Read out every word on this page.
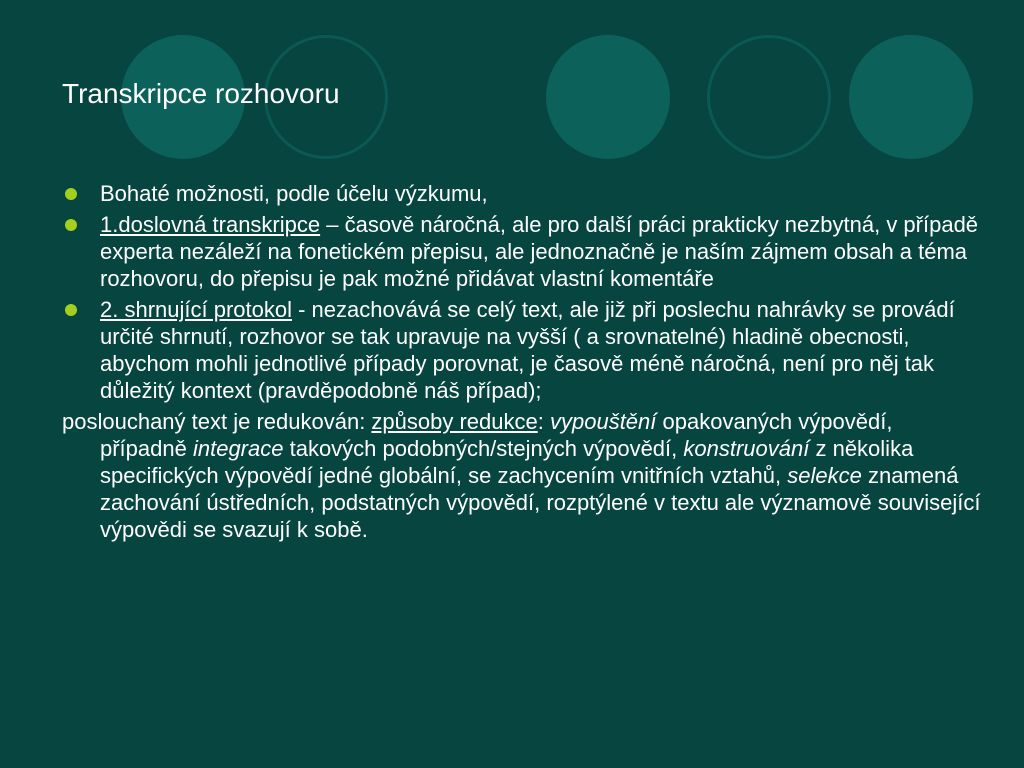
Transkripce rozhovoru
Bohaté možnosti, podle účelu výzkumu,
1.doslovná transkripce – časově náročná, ale pro další práci prakticky nezbytná, v případě experta nezáleží na fonetickém přepisu, ale jednoznačně je naším zájmem obsah a téma rozhovoru, do přepisu je pak možné přidávat vlastní komentáře
2. shrnující protokol - nezachovává se celý text, ale již při poslechu nahrávky se provádí určité shrnutí, rozhovor se tak upravuje na vyšší ( a srovnatelné) hladině obecnosti, abychom mohli jednotlivé případy porovnat, je časově méně náročná, není pro něj tak důležitý kontext (pravděpodobně náš případ);
poslouchaný text je redukován: způsoby redukce: vypouštění opakovaných výpovědí, případně integrace takových podobných/stejných výpovědí, konstruování z několika specifických výpovědí jedné globální, se zachycením vnitřních vztahů, selekce znamená zachování ústředních, podstatných výpovědí, rozptýlené v textu ale významově související výpovědi se svazují k sobě.
